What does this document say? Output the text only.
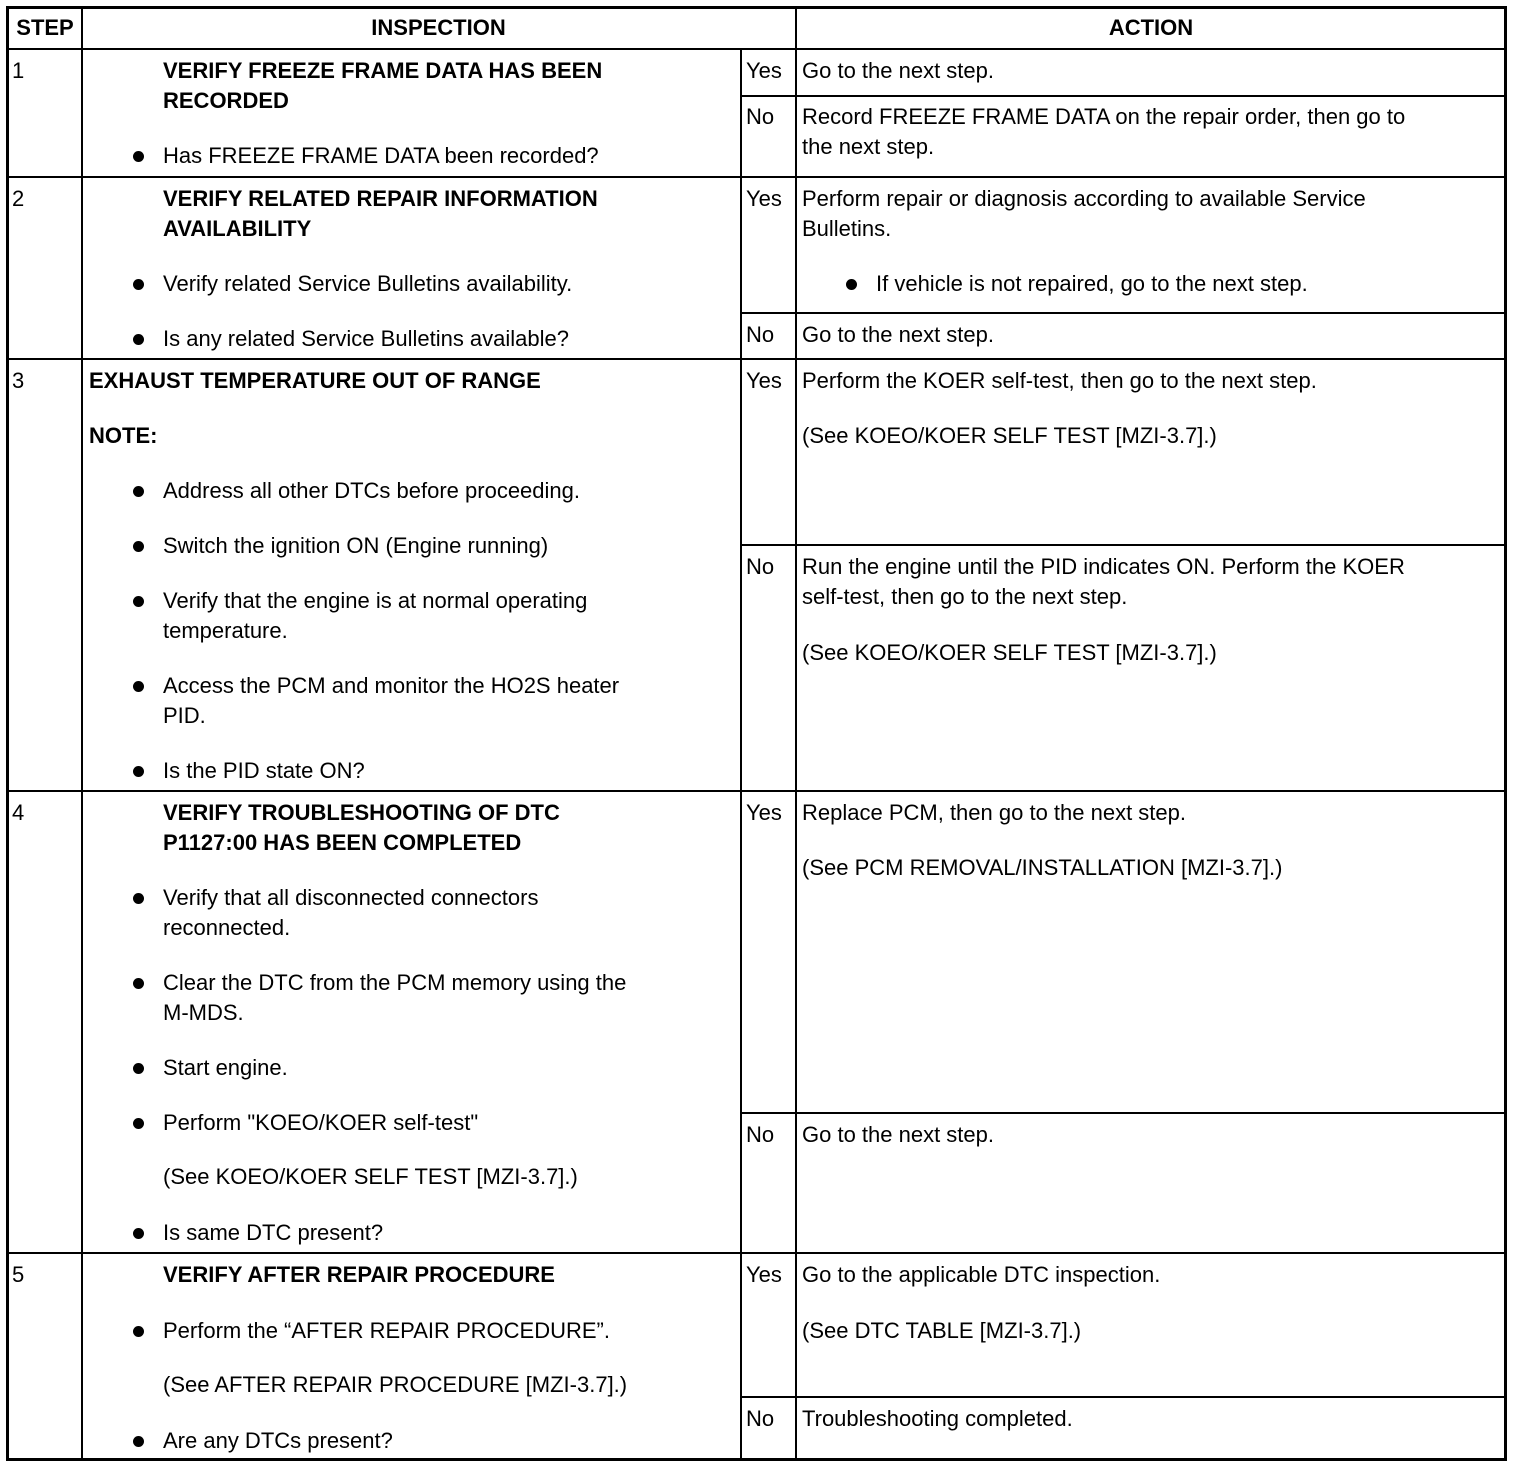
STEP	INSPECTION	ACTION
1	VERIFY FREEZE FRAME DATA HAS BEEN
RECORDED
Has FREEZE FRAME DATA been recorded?
Yes Go to the next step.
No Record FREEZE FRAME DATA on the repair order, then go to
the next step.
2	VERIFY RELATED REPAIR INFORMATION
AVAILABILITY
Verify related Service Bulletins availability.
Is any related Service Bulletins available?
Yes Perform repair or diagnosis according to available Service
Bulletins.
If vehicle is not repaired, go to the next step.
No Go to the next step.
3	EXHAUST TEMPERATURE OUT OF RANGE
NOTE:
Address all other DTCs before proceeding.
Switch the ignition ON (Engine running)
Verify that the engine is at normal operating
temperature.
Access the PCM and monitor the HO2S heater
PID.
Is the PID state ON?
Yes Perform the KOER self-test, then go to the next step.
(See KOEO/KOER SELF TEST [MZI-3.7].)
No Run the engine until the PID indicates ON. Perform the KOER
self-test, then go to the next step.
(See KOEO/KOER SELF TEST [MZI-3.7].)
4	VERIFY TROUBLESHOOTING OF DTC
P1127:00 HAS BEEN COMPLETED
Verify that all disconnected connectors
reconnected.
Clear the DTC from the PCM memory using the
M-MDS.
Start engine.
Perform "KOEO/KOER self-test"
(See KOEO/KOER SELF TEST [MZI-3.7].)
Is same DTC present?
Yes Replace PCM, then go to the next step.
(See PCM REMOVAL/INSTALLATION [MZI-3.7].)
No Go to the next step.
5	VERIFY AFTER REPAIR PROCEDURE
Perform the “AFTER REPAIR PROCEDURE”.
(See AFTER REPAIR PROCEDURE [MZI-3.7].)
Are any DTCs present?
Yes Go to the applicable DTC inspection.
(See DTC TABLE [MZI-3.7].)
No Troubleshooting completed.
